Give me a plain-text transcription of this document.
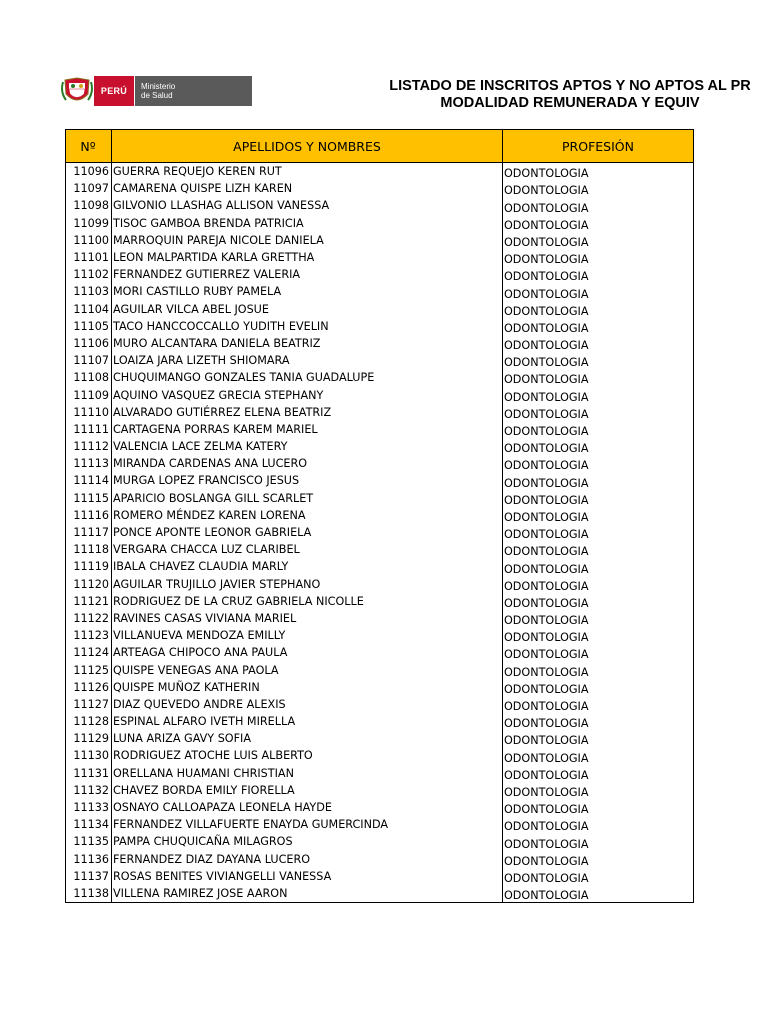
PERÚ	Ministerio
de Salud
LISTADO DE INSCRITOS APTOS Y NO APTOS AL PR
MODALIDAD REMUNERADA Y EQUIV
Nº	APELLIDOS Y NOMBRES	PROFESIÓN
11096	GUERRA REQUEJO KEREN RUT	ODONTOLOGIA
11097	CAMARENA QUISPE LIZH KAREN	ODONTOLOGIA
11098	GILVONIO LLASHAG ALLISON VANESSA	ODONTOLOGIA
11099	TISOC GAMBOA BRENDA PATRICIA	ODONTOLOGIA
11100	MARROQUIN PAREJA NICOLE DANIELA	ODONTOLOGIA
11101	LEON MALPARTIDA KARLA GRETTHA	ODONTOLOGIA
11102	FERNANDEZ GUTIERREZ VALERIA	ODONTOLOGIA
11103	MORI CASTILLO RUBY PAMELA	ODONTOLOGIA
11104	AGUILAR VILCA ABEL JOSUE	ODONTOLOGIA
11105	TACO HANCCOCCALLO YUDITH EVELIN	ODONTOLOGIA
11106	MURO ALCANTARA DANIELA BEATRIZ	ODONTOLOGIA
11107	LOAIZA JARA LIZETH SHIOMARA	ODONTOLOGIA
11108	CHUQUIMANGO GONZALES TANIA GUADALUPE	ODONTOLOGIA
11109	AQUINO VASQUEZ GRECIA STEPHANY	ODONTOLOGIA
11110	ALVARADO GUTIÉRREZ ELENA BEATRIZ	ODONTOLOGIA
11111	CARTAGENA PORRAS KAREM MARIEL	ODONTOLOGIA
11112	VALENCIA LACE ZELMA KATERY	ODONTOLOGIA
11113	MIRANDA CARDENAS ANA LUCERO	ODONTOLOGIA
11114	MURGA LOPEZ FRANCISCO JESUS	ODONTOLOGIA
11115	APARICIO BOSLANGA GILL SCARLET	ODONTOLOGIA
11116	ROMERO MÉNDEZ KAREN LORENA	ODONTOLOGIA
11117	PONCE APONTE LEONOR GABRIELA	ODONTOLOGIA
11118	VERGARA CHACCA LUZ CLARIBEL	ODONTOLOGIA
11119	IBALA CHAVEZ CLAUDIA MARLY	ODONTOLOGIA
11120	AGUILAR TRUJILLO JAVIER STEPHANO	ODONTOLOGIA
11121	RODRIGUEZ DE LA CRUZ GABRIELA NICOLLE	ODONTOLOGIA
11122	RAVINES CASAS VIVIANA MARIEL	ODONTOLOGIA
11123	VILLANUEVA MENDOZA EMILLY	ODONTOLOGIA
11124	ARTEAGA CHIPOCO ANA PAULA	ODONTOLOGIA
11125	QUISPE VENEGAS ANA PAOLA	ODONTOLOGIA
11126	QUISPE MUÑOZ KATHERIN	ODONTOLOGIA
11127	DIAZ QUEVEDO ANDRE ALEXIS	ODONTOLOGIA
11128	ESPINAL ALFARO IVETH MIRELLA	ODONTOLOGIA
11129	LUNA ARIZA GAVY SOFIA	ODONTOLOGIA
11130	RODRIGUEZ ATOCHE LUIS ALBERTO	ODONTOLOGIA
11131	ORELLANA HUAMANI CHRISTIAN	ODONTOLOGIA
11132	CHAVEZ BORDA EMILY FIORELLA	ODONTOLOGIA
11133	OSNAYO CALLOAPAZA LEONELA HAYDE	ODONTOLOGIA
11134	FERNANDEZ VILLAFUERTE ENAYDA GUMERCINDA	ODONTOLOGIA
11135	PAMPA CHUQUICAÑA MILAGROS	ODONTOLOGIA
11136	FERNANDEZ DIAZ DAYANA LUCERO	ODONTOLOGIA
11137	ROSAS BENITES VIVIANGELLI VANESSA	ODONTOLOGIA
11138	VILLENA RAMIREZ JOSE AARON	ODONTOLOGIA
